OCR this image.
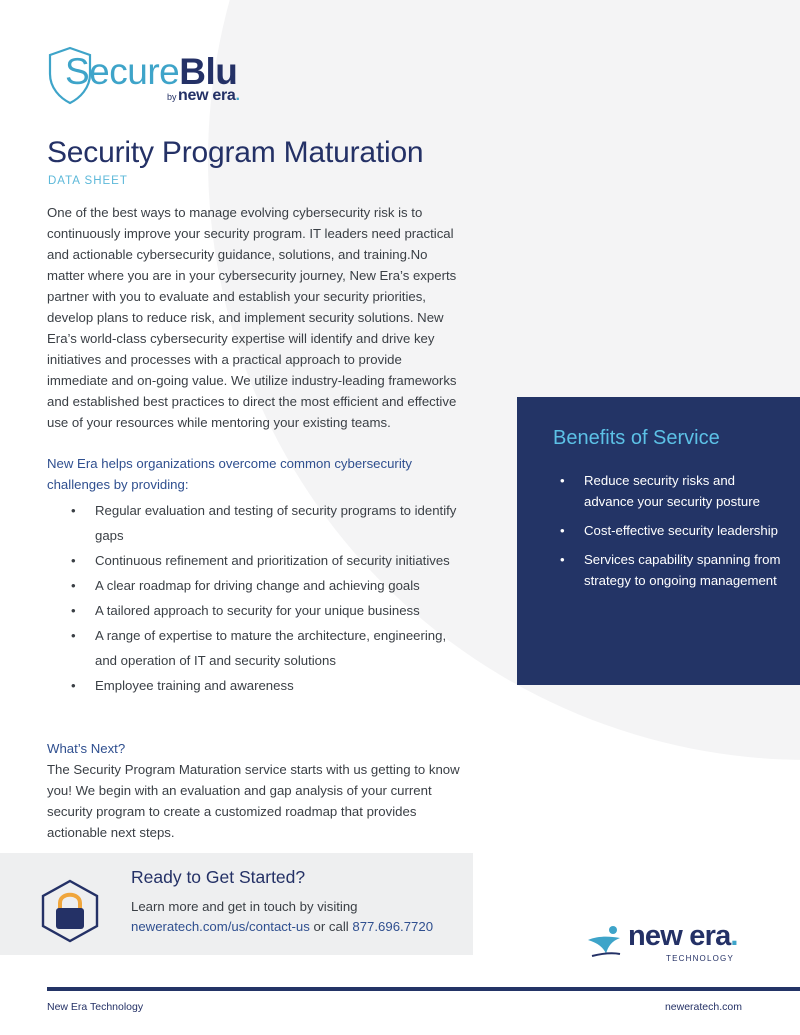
SecureBlu
by new era.
Security Program Maturation
DATA SHEET

One of the best ways to manage evolving cybersecurity risk is to continuously improve your security program. IT leaders need practical and actionable cybersecurity guidance, solutions, and training.No matter where you are in your cybersecurity journey, New Era’s experts partner with you to evaluate and establish your security priorities, develop plans to reduce risk, and implement security solutions. New Era’s world-class cybersecurity expertise will identify and drive key initiatives and processes with a practical approach to provide immediate and on-going value. We utilize industry-leading frameworks and established best practices to direct the most efficient and effective use of your resources while mentoring your existing teams.

New Era helps organizations overcome common cybersecurity challenges by providing:

• Regular evaluation and testing of security programs to identify gaps
• Continuous refinement and prioritization of security initiatives
• A clear roadmap for driving change and achieving goals
• A tailored approach to security for your unique business
• A range of expertise to mature the architecture, engineering, and operation of IT and security solutions
• Employee training and awareness
What’s Next?

The Security Program Maturation service starts with us getting to know you! We begin with an evaluation and gap analysis of your current security program to create a customized roadmap that provides actionable next steps.

Benefits of Service
• Reduce security risks and advance your security posture
• Cost-effective security leadership
• Services capability spanning from strategy to ongoing management
Ready to Get Started?
Learn more and get in touch by visiting
neweratech.com/us/contact-us or call 877.696.7720	new era.
TECHNOLOGY
New Era Technology	neweratech.com
